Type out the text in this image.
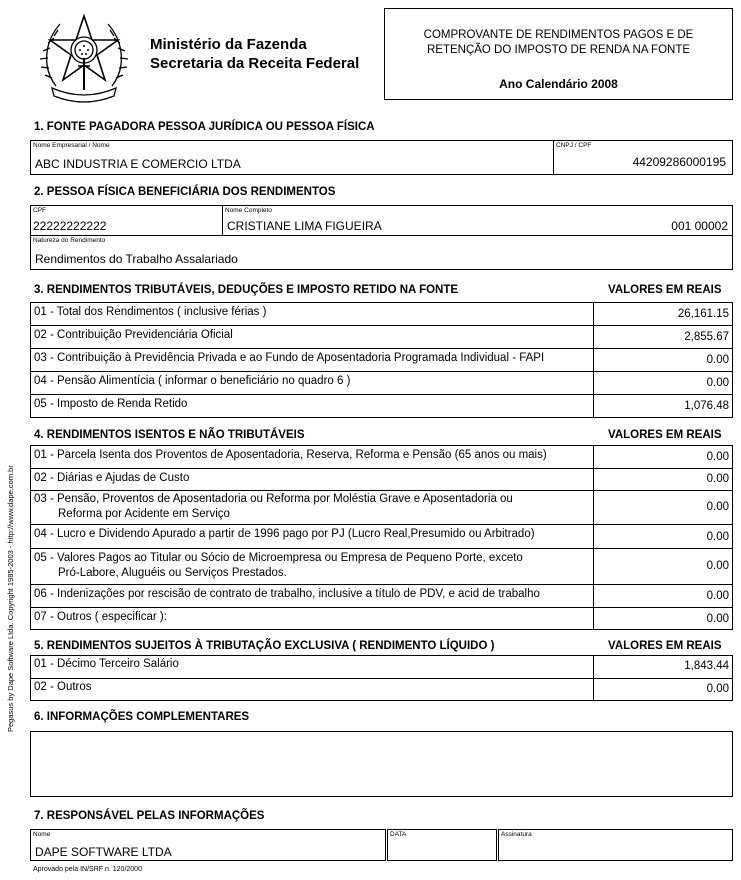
Ministério da Fazenda
Secretaria da Receita Federal
COMPROVANTE DE RENDIMENTOS PAGOS E DE
RETENÇÃO DO IMPOSTO DE RENDA NA FONTE
Ano Calendário 2008
Pegasus by Dape Software Ltda. Copyright 1985-2003 - http://www.dape.com.br
1. FONTE PAGADORA PESSOA JURÍDICA OU PESSOA FÍSICA
Nome Empresarial / Nome
ABC INDUSTRIA E COMERCIO LTDA
CNPJ / CPF
44209286000195
2. PESSOA FÍSICA BENEFICIÁRIA DOS RENDIMENTOS
CPF
22222222222
Nome Completo
CRISTIANE LIMA FIGUEIRA	001 00002
Natureza do Rendimento
Rendimentos do Trabalho Assalariado
3. RENDIMENTOS TRIBUTÁVEIS, DEDUÇÕES E IMPOSTO RETIDO NA FONTE	VALORES EM REAIS
01 - Total dos Rendimentos ( inclusive férias )	26,161.15
02 - Contribuição Previdenciária Oficial	2,855.67
03 - Contribuição à Previdência Privada e ao Fundo de Aposentadoria Programada Individual - FAPI	0.00
04 - Pensão Alimentícia ( informar o beneficiário no quadro 6 )	0.00
05 - Imposto de Renda Retido	1,076.48
4. RENDIMENTOS ISENTOS E NÃO TRIBUTÁVEIS	VALORES EM REAIS
01 - Parcela Isenta dos Proventos de Aposentadoria, Reserva, Reforma e Pensão (65 anos ou mais)	0.00
02 - Diárias e Ajudas de Custo	0.00
03 - Pensão, Proventos de Aposentadoria ou Reforma por Moléstia Grave e Aposentadoria ou
Reforma por Acidente em Serviço
0.00
04 - Lucro e Dividendo Apurado a partir de 1996 pago por PJ (Lucro Real,Presumido ou Arbitrado)	0.00
05 - Valores Pagos ao Titular ou Sócio de Microempresa ou Empresa de Pequeno Porte, exceto
Pró-Labore, Aluguéis ou Serviços Prestados.
0.00
06 - Indenizações por rescisão de contrato de trabalho, inclusive a título de PDV, e acid de trabalho	0.00
07 - Outros ( especificar ):	0.00
5. RENDIMENTOS SUJEITOS À TRIBUTAÇÃO EXCLUSIVA ( RENDIMENTO LÍQUIDO )	VALORES EM REAIS
01 - Décimo Terceiro Salário	1,843.44
02 - Outros	0.00
6. INFORMAÇÕES COMPLEMENTARES
7. RESPONSÁVEL PELAS INFORMAÇÕES
Nome
DAPE SOFTWARE LTDA
DATA	Assinatura
Aprovado pela IN/SRF n. 120/2000
